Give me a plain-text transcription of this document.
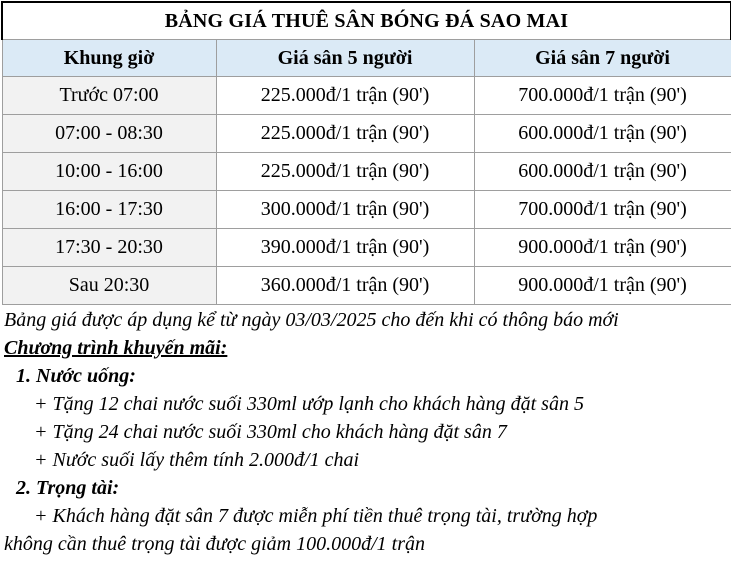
BẢNG GIÁ THUÊ SÂN BÓNG ĐÁ SAO MAI		
Khung giờ	Giá sân 5 người	Giá sân 7 người
Trước 07:00	225.000đ/1 trận (90')	700.000đ/1 trận (90')
07:00 - 08:30	225.000đ/1 trận (90')	600.000đ/1 trận (90')
10:00 - 16:00	225.000đ/1 trận (90')	600.000đ/1 trận (90')
16:00 - 17:30	300.000đ/1 trận (90')	700.000đ/1 trận (90')
17:30 - 20:30	390.000đ/1 trận (90')	900.000đ/1 trận (90')
Sau 20:30	360.000đ/1 trận (90')	900.000đ/1 trận (90')
Bảng giá được áp dụng kể từ ngày 03/03/2025 cho đến khi có thông báo mới
Chương trình khuyến mãi:
1. Nước uống:
+ Tặng 12 chai nước suối 330ml ướp lạnh cho khách hàng đặt sân 5
+ Tặng 24 chai nước suối 330ml cho khách hàng đặt sân 7
+ Nước suối lấy thêm tính 2.000đ/1 chai
2. Trọng tài:
+ Khách hàng đặt sân 7 được miễn phí tiền thuê trọng tài, trường hợp
không cần thuê trọng tài được giảm 100.000đ/1 trận
